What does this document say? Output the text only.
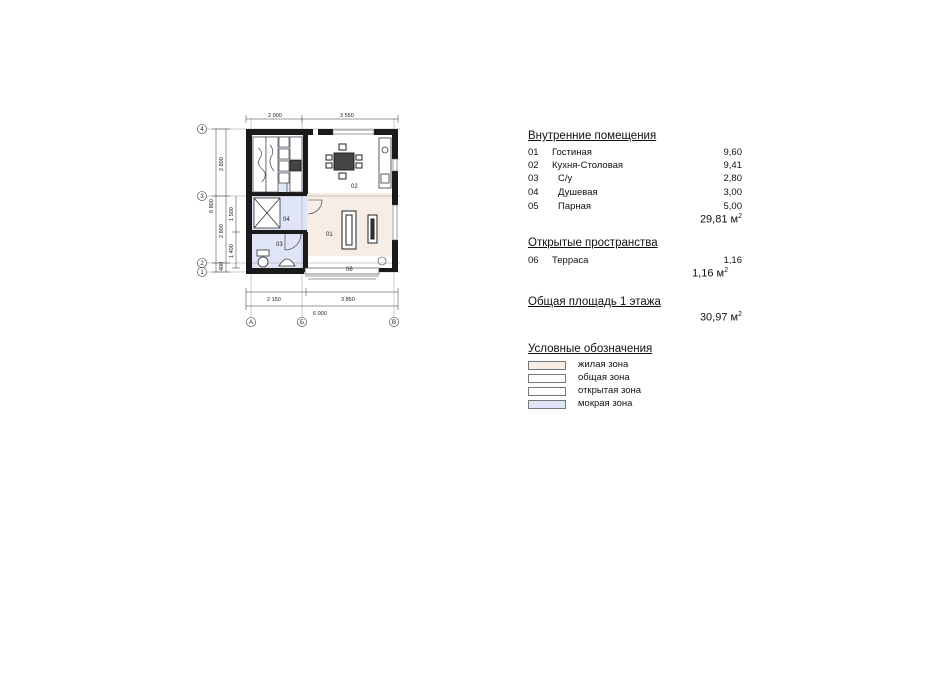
01
02
03
04
05
06
2 000	3 550
2 150	3 850
6 000
6 800
2 800
2 800
400
1 500
1 400
4
3
2
1
А	Б	В
Внутренние помещения
01 Гостиная	9,60
02 Кухня-Столовая	9,41
03 С/у	2,80
04 Душевая	3,00
05 Парная	5,00
29,81 $м^2$
Открытые пространства
06 Терраса	1,16
1,16 $м^2$
Общая площадь 1 этажа
30,97 $м^2$
Условные обозначения
жилая зона
общая зона
открытая зона
мокрая зона
